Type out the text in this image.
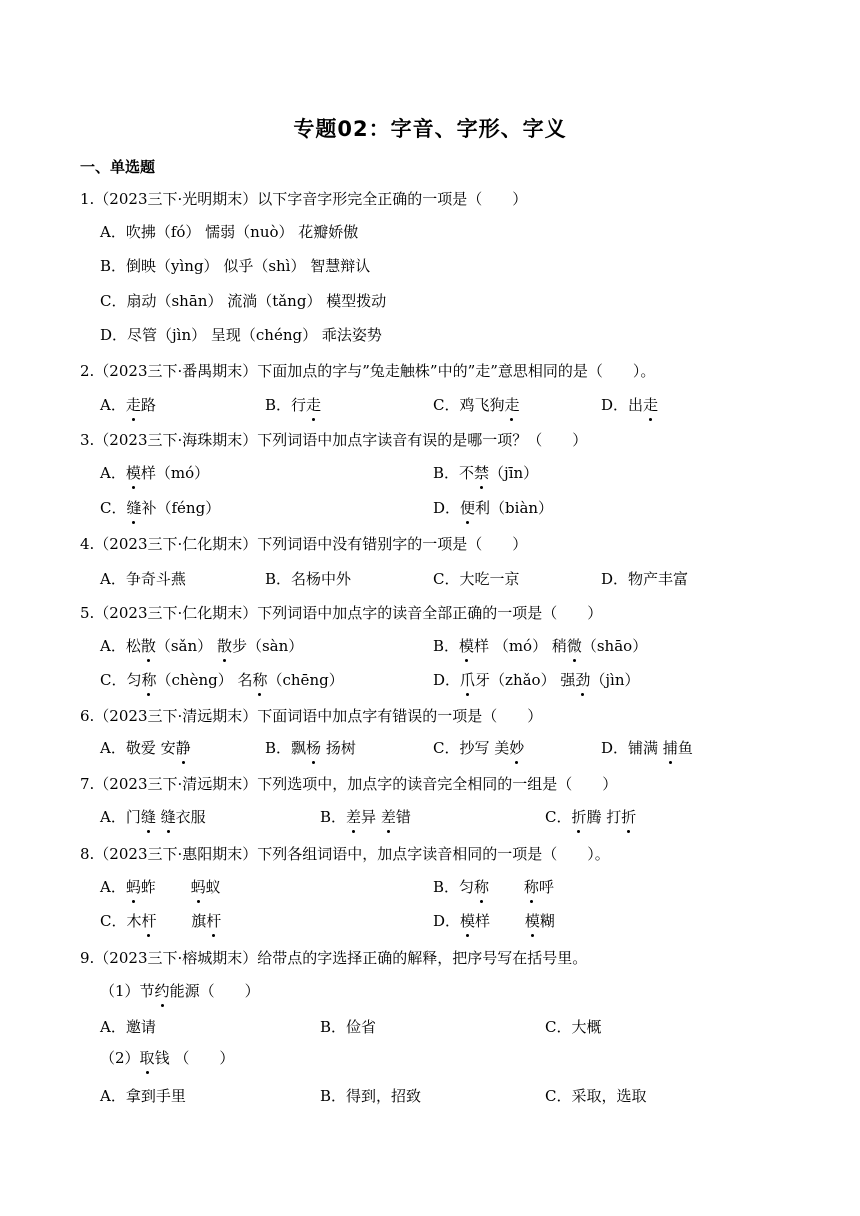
专题02：字音、字形、字义
一、单选题
1.（2023三下·光明期末）以下字音字形完全正确的一项是（　　）
A．吹拂（fó） 懦弱（nuò） 花瓣娇傲
B．倒映（yìng） 似乎（shì） 智慧辩认
C．扇动（shān） 流淌（tǎng） 模型拨动
D．尽管（jìn） 呈现（chéng） 乖法姿势
2.（2023三下·番禺期末）下面加点的字与”兔走触株”中的”走”意思相同的是（　　）。
A．走路	B．行走	C．鸡飞狗走	D．出走
3.（2023三下·海珠期末）下列词语中加点字读音有误的是哪一项？（　　）
A．模样（mó）	B．不禁（jīn）
C．缝补（féng）	D．便利（biàn）
4.（2023三下·仁化期末）下列词语中没有错别字的一项是（　　）
A．争奇斗燕	B．名杨中外	C．大吃一京	D．物产丰富
5.（2023三下·仁化期末）下列词语中加点字的读音全部正确的一项是（　　）
A．松散（sǎn） 散步（sàn）	B．模样 （mó） 稍微（shāo）
C．匀称（chèng） 名称（chēng）	D．爪牙（zhǎo） 强劲（jìn）
6.（2023三下·清远期末）下面词语中加点字有错误的一项是（　　）
A．敬爱 安静	B．飘杨 扬树	C．抄写 美妙	D．铺满 捕鱼
7.（2023三下·清远期末）下列选项中，加点字的读音完全相同的一组是（　　）
A．门缝 缝衣服	B．差异 差错	C．折腾 打折
8.（2023三下·惠阳期末）下列各组词语中，加点字读音相同的一项是（　　）。
A．蚂蚱　　 蚂蚁	B．匀称　　 称呼
C．木杆　　 旗杆	D．模样　　 模糊
9.（2023三下·榕城期末）给带点的字选择正确的解释，把序号写在括号里。
（1）节约能源（　　）
A．邀请	B．俭省	C．大概
（2）取钱 （　　）
A．拿到手里	B．得到，招致	C．采取，选取
